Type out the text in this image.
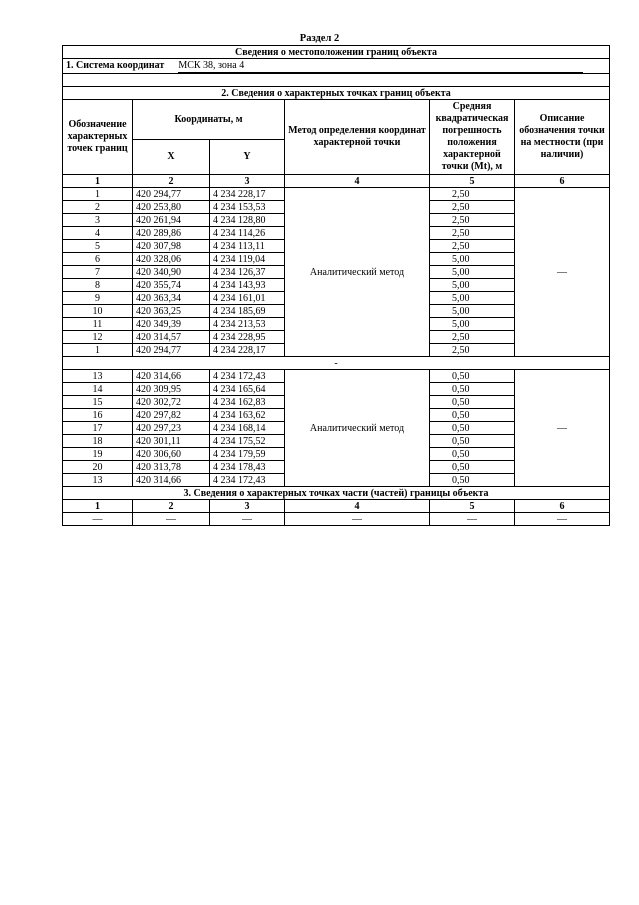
Раздел 2
Сведения о местоположении границ объекта					
1. Система координат МСК 38, зона 4					

2. Сведения о характерных точках границ объекта					
Обозначение характерных точек границ	Координаты, м		Метод определения координат характерной точки	Средняя квадратическая погрешность положения характерной точки (Mt), м	Описание обозначения точки на местности (при наличии)
	X	Y			
1	2	3	4	5	6
1	420 294,77	4 234 228,17	Аналитический метод	2,50	—
2	420 253,80	4 234 153,53		2,50	
3	420 261,94	4 234 128,80		2,50	
4	420 289,86	4 234 114,26		2,50	
5	420 307,98	4 234 113,11		2,50	
6	420 328,06	4 234 119,04		5,00	
7	420 340,90	4 234 126,37		5,00	
8	420 355,74	4 234 143,93		5,00	
9	420 363,34	4 234 161,01		5,00	
10	420 363,25	4 234 185,69		5,00	
11	420 349,39	4 234 213,53		5,00	
12	420 314,57	4 234 228,95		2,50	
1	420 294,77	4 234 228,17		2,50	
-					
13	420 314,66	4 234 172,43	Аналитический метод	0,50	—
14	420 309,95	4 234 165,64		0,50	
15	420 302,72	4 234 162,83		0,50	
16	420 297,82	4 234 163,62		0,50	
17	420 297,23	4 234 168,14		0,50	
18	420 301,11	4 234 175,52		0,50	
19	420 306,60	4 234 179,59		0,50	
20	420 313,78	4 234 178,43		0,50	
13	420 314,66	4 234 172,43		0,50	
3. Сведения о характерных точках части (частей) границы объекта					
1	2	3	4	5	6
—	—	—	—	—	—
